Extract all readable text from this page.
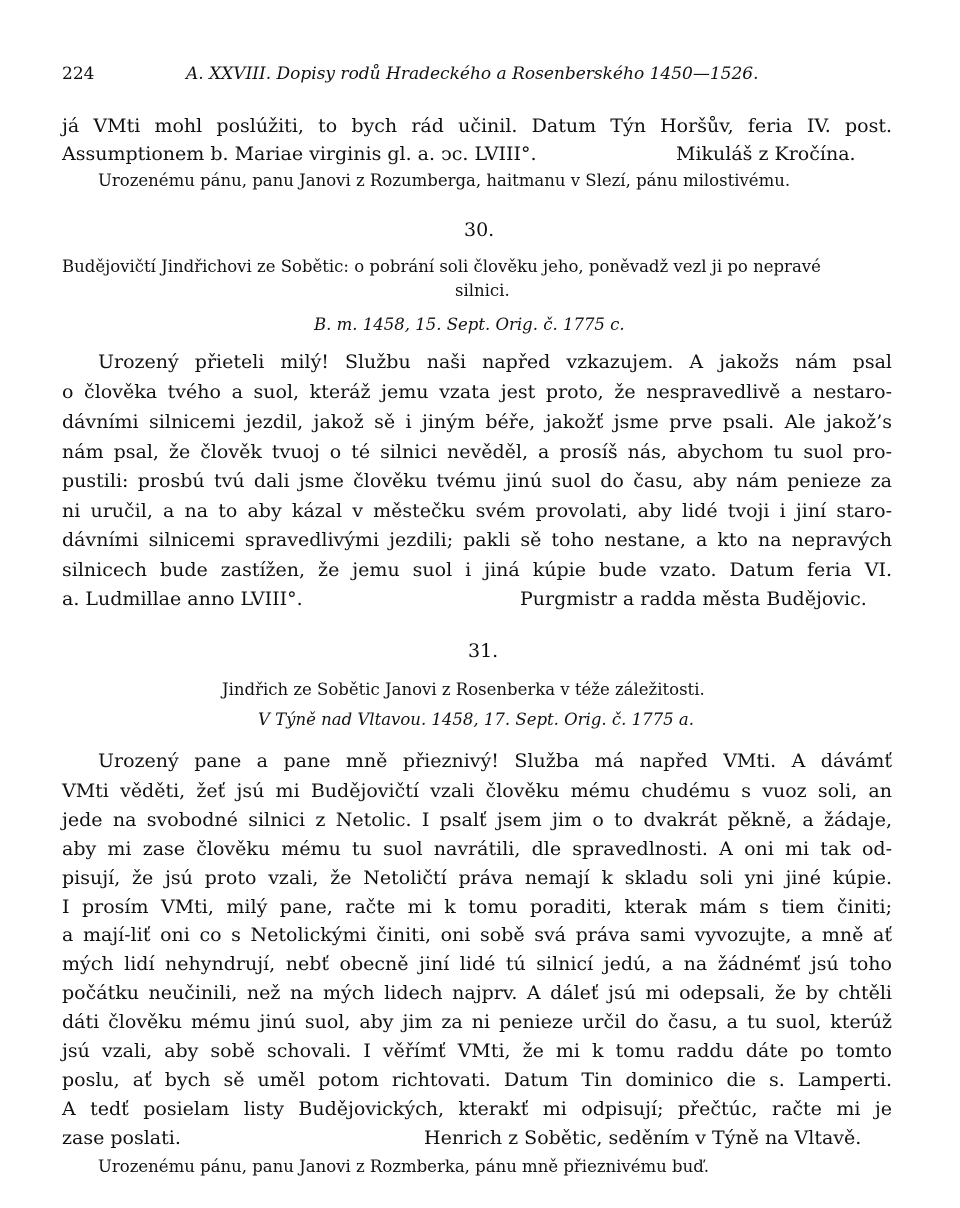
224	A. XXVIII. Dopisy rodů Hradeckého a Rosenberského 1450—1526.
já VMti mohl poslúžiti, to bych rád učinil. Datum Týn Horšův, feria IV. post.
Assumptionem b. Mariae virginis gl. a. ↄc. LVIII°.	Mikuláš z Kročína.
Urozenému pánu, panu Janovi z Rozumberga, haitmanu v Slezí, pánu milostivému.
30.
Budějovičtí Jindřichovi ze Sobětic: o pobrání soli člověku jeho, poněvadž vezl ji po nepravé
silnici.
B. m. 1458, 15. Sept. Orig. č. 1775 c.
Urozený přieteli milý! Službu naši napřed vzkazujem. A jakožs nám psal
o člověka tvého a suol, kteráž jemu vzata jest proto, že nespravedlivě a nestaro-
dávními silnicemi jezdil, jakož sě i jiným béře, jakožť jsme prve psali. Ale jakož’s
nám psal, že člověk tvuoj o té silnici nevěděl, a prosíš nás, abychom tu suol pro-
pustili: prosbú tvú dali jsme člověku tvému jinú suol do času, aby nám penieze za
ni uručil, a na to aby kázal v městečku svém provolati, aby lidé tvoji i jiní staro-
dávními silnicemi spravedlivými jezdili; pakli sě toho nestane, a kto na nepravých
silnicech bude zastížen, že jemu suol i jiná kúpie bude vzato. Datum feria VI.
a. Ludmillae anno LVIII°.	Purgmistr a radda města Budějovic.
31.
Jindřich ze Sobětic Janovi z Rosenberka v téže záležitosti.
V Týně nad Vltavou. 1458, 17. Sept. Orig. č. 1775 a.
Urozený pane a pane mně přieznivý! Služba má napřed VMti. A dávámť
VMti věděti, žeť jsú mi Budějovičtí vzali člověku mému chudému s vuoz soli, an
jede na svobodné silnici z Netolic. I psalť jsem jim o to dvakrát pěkně, a žádaje,
aby mi zase člověku mému tu suol navrátili, dle spravedlnosti. A oni mi tak od-
pisují, že jsú proto vzali, že Netoličtí práva nemají k skladu soli yni jiné kúpie.
I prosím VMti, milý pane, račte mi k tomu poraditi, kterak mám s tiem činiti;
a mají-liť oni co s Netolickými činiti, oni sobě svá práva sami vyvozujte, a mně ať
mých lidí nehyndrují, nebť obecně jiní lidé tú silnicí jedú, a na žádnémť jsú toho
počátku neučinili, než na mých lidech najprv. A dáleť jsú mi odepsali, že by chtěli
dáti člověku mému jinú suol, aby jim za ni penieze určil do času, a tu suol, kterúž
jsú vzali, aby sobě schovali. I věřímť VMti, že mi k tomu raddu dáte po tomto
poslu, ať bych sě uměl potom richtovati. Datum Tin dominico die s. Lamperti.
A tedť posielam listy Budějovických, kterakť mi odpisují; přečtúc, račte mi je
zase poslati.	Henrich z Sobětic, seděním v Týně na Vltavě.
Urozenému pánu, panu Janovi z Rozmberka, pánu mně přieznivému buď.
